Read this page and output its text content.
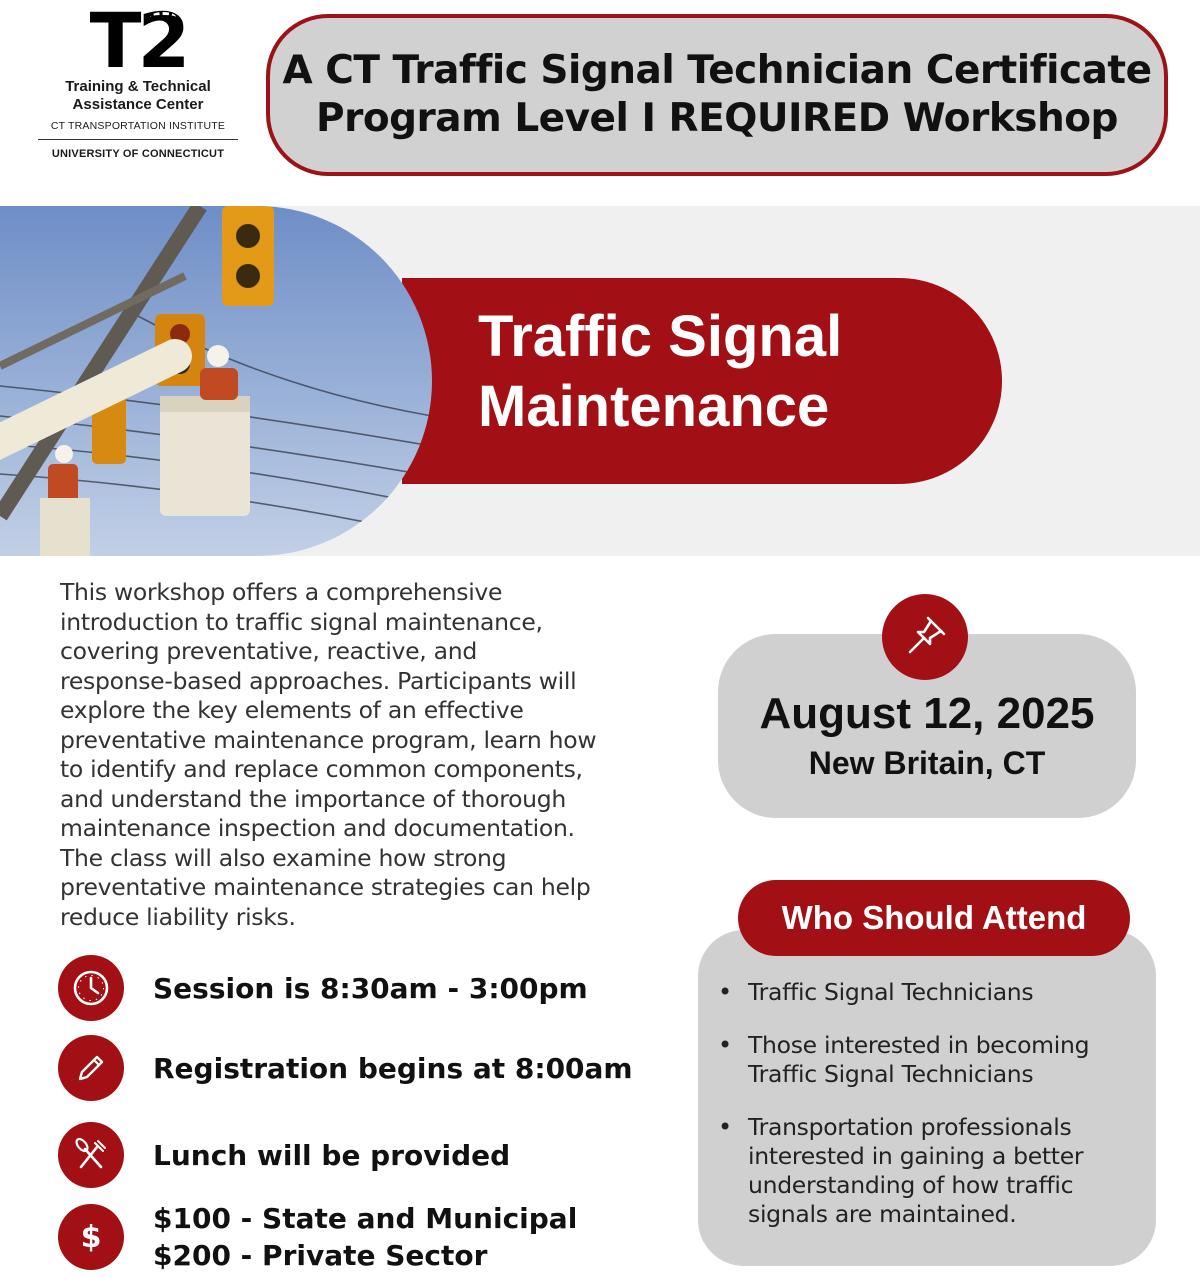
T2
Training & Technical
Assistance Center
CT TRANSPORTATION INSTITUTE
UNIVERSITY OF CONNECTICUT
A CT Traffic Signal Technician Certificate
Program Level I REQUIRED Workshop
Traffic Signal
Maintenance
This workshop offers a comprehensive
introduction to traffic signal maintenance,
covering preventative, reactive, and
response-based approaches. Participants will
explore the key elements of an effective
preventative maintenance program, learn how
to identify and replace common components,
and understand the importance of thorough
maintenance inspection and documentation.
The class will also examine how strong
preventative maintenance strategies can help
reduce liability risks.
Session is 8:30am - 3:00pm
Registration begins at 8:00am
Lunch will be provided
$
$100 - State and Municipal
$200 - Private Sector
August 12, 2025
New Britain, CT
Who Should Attend
• Traffic Signal Technicians
• Those interested in becoming
Traffic Signal Technicians
• Transportation professionals
interested in gaining a better
understanding of how traffic
signals are maintained.
